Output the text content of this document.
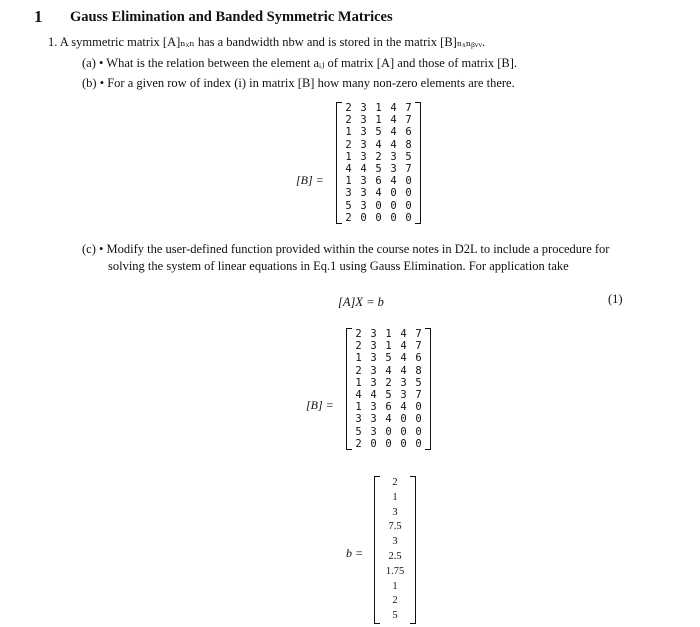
1 Gauss Elimination and Banded Symmetric Matrices
1. A symmetric matrix [A]ₙₓₙ has a bandwidth nbw and is stored in the matrix [B]ₙₓₙᵦᵥᵥ.
(a) • What is the relation between the element aᵢⱼ of matrix [A] and those of matrix [B].
(b) • For a given row of index (i) in matrix [B] how many non-zero elements are there.
[B] =
2 3 1 4 7
2 3 1 4 7
1 3 5 4 6
2 3 4 4 8
1 3 2 3 5
4 4 5 3 7
1 3 6 4 0
3 3 4 0 0
5 3 0 0 0
2 0 0 0 0
(c) • Modify the user-defined function provided within the course notes in D2L to include a procedure for
solving the system of linear equations in Eq.1 using Gauss Elimination. For application take
[A]X = b	(1)
[B] =
2 3 1 4 7
2 3 1 4 7
1 3 5 4 6
2 3 4 4 8
1 3 2 3 5
4 4 5 3 7
1 3 6 4 0
3 3 4 0 0
5 3 0 0 0
2 0 0 0 0
b =
2
1
3
7.5
3
2.5
1.75
1
2
5
